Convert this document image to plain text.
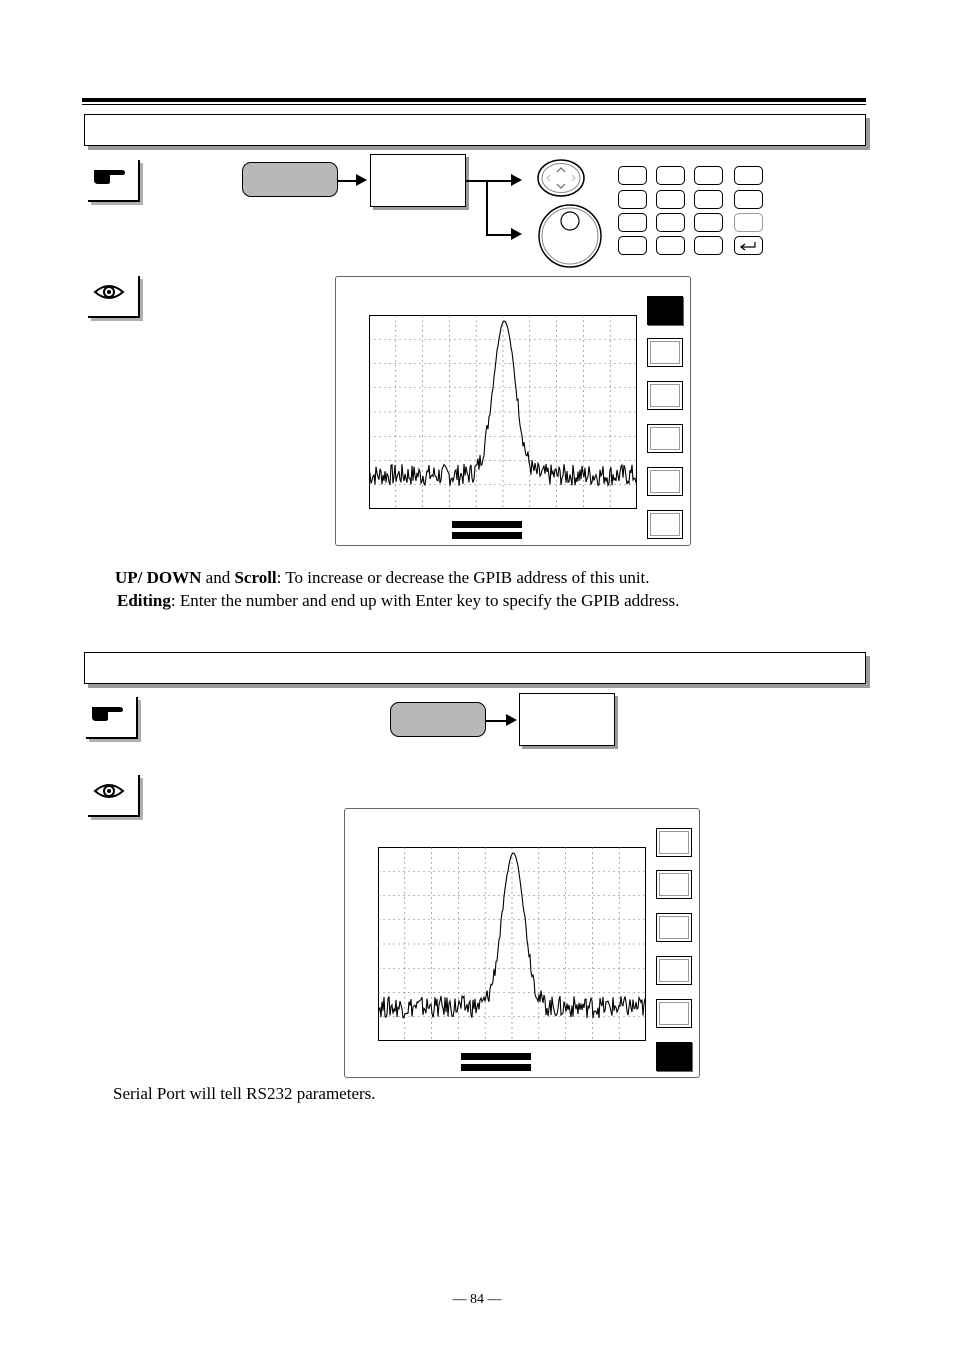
UP/ DOWN and Scroll: To increase or decrease the GPIB address of this unit.
Editing: Enter the number and end up with Enter key to specify the GPIB address.
Serial Port will tell RS232 parameters.
— 84 —
